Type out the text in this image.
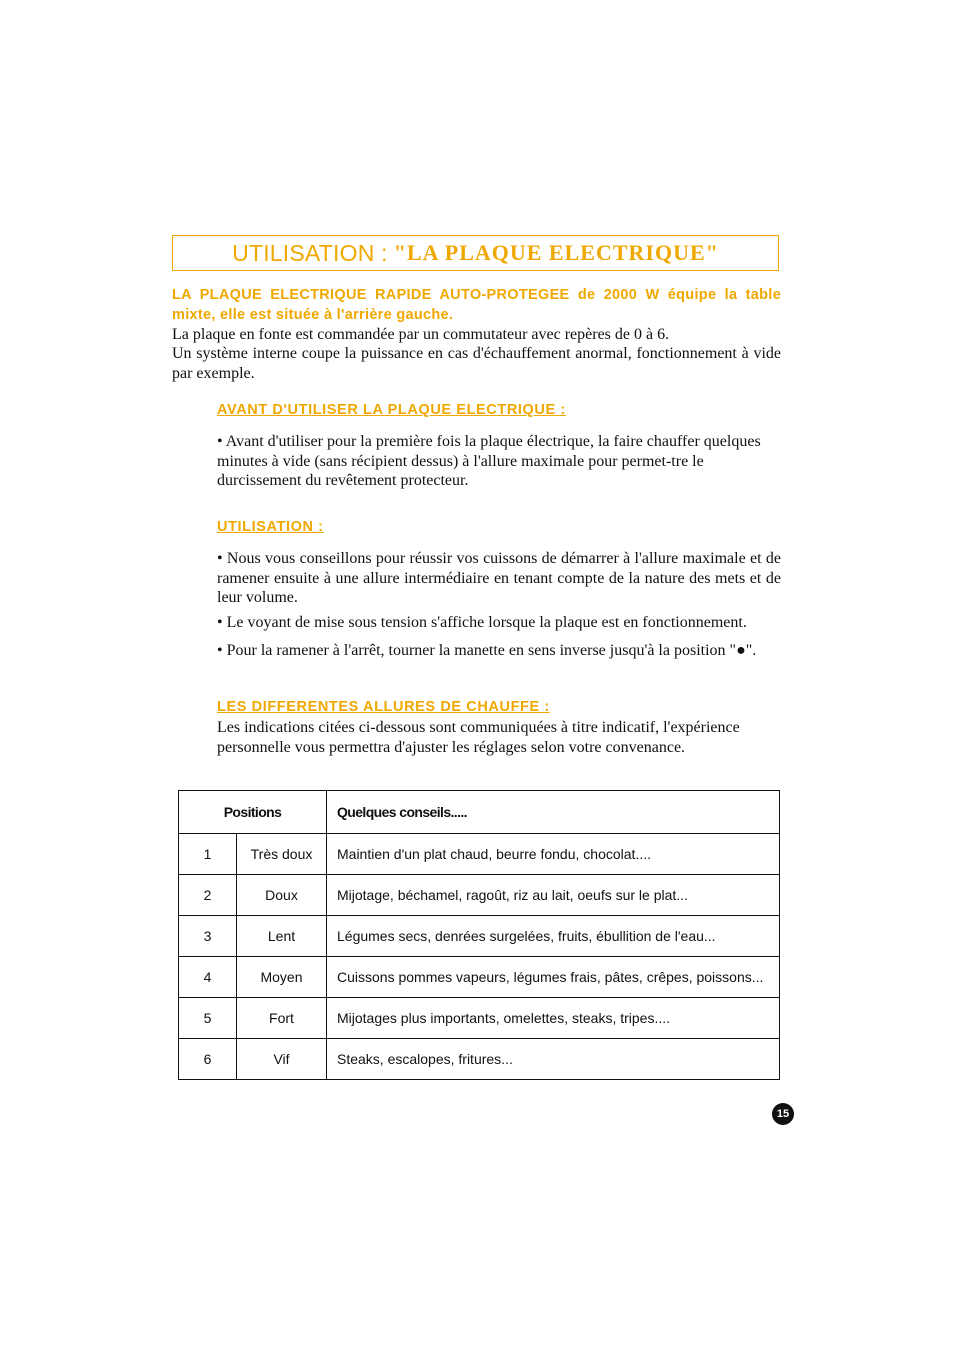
UTILISATION : "LA PLAQUE ELECTRIQUE"
LA PLAQUE ELECTRIQUE RAPIDE AUTO-PROTEGEE de 2000 W équipe la table mixte, elle est située à l'arrière gauche.
La plaque en fonte est commandée par un commutateur avec repères de 0 à 6.
Un système interne coupe la puissance en cas d'échauffement anormal, fonctionnement à vide par exemple.
AVANT D'UTILISER LA PLAQUE ELECTRIQUE :
• Avant d'utiliser pour la première fois la plaque électrique, la faire chauffer quelques minutes à vide (sans récipient dessus) à l'allure maximale pour permet-tre le durcissement du revêtement protecteur.
UTILISATION :
• Nous vous conseillons pour réussir vos cuissons de démarrer à l'allure maximale et de ramener ensuite à une allure intermédiaire en tenant compte de la nature des mets et de leur volume.
• Le voyant de mise sous tension s'affiche lorsque la plaque est en fonctionnement.
• Pour la ramener à l'arrêt, tourner la manette en sens inverse jusqu'à la position "●".
LES DIFFERENTES ALLURES DE CHAUFFE :
Les indications citées ci-dessous sont communiquées à titre indicatif, l'expérience personnelle vous permettra d'ajuster les réglages selon votre convenance.
Positions		Quelques conseils.....
1	Très doux	Maintien d'un plat chaud, beurre fondu, chocolat....
2	Doux	Mijotage, béchamel, ragoût, riz au lait, oeufs sur le plat...
3	Lent	Légumes secs, denrées surgelées, fruits, ébullition de l'eau...
4	Moyen	Cuissons pommes vapeurs, légumes frais, pâtes, crêpes, poissons...
5	Fort	Mijotages plus importants, omelettes, steaks, tripes....
6	Vif	Steaks, escalopes, fritures...
15
